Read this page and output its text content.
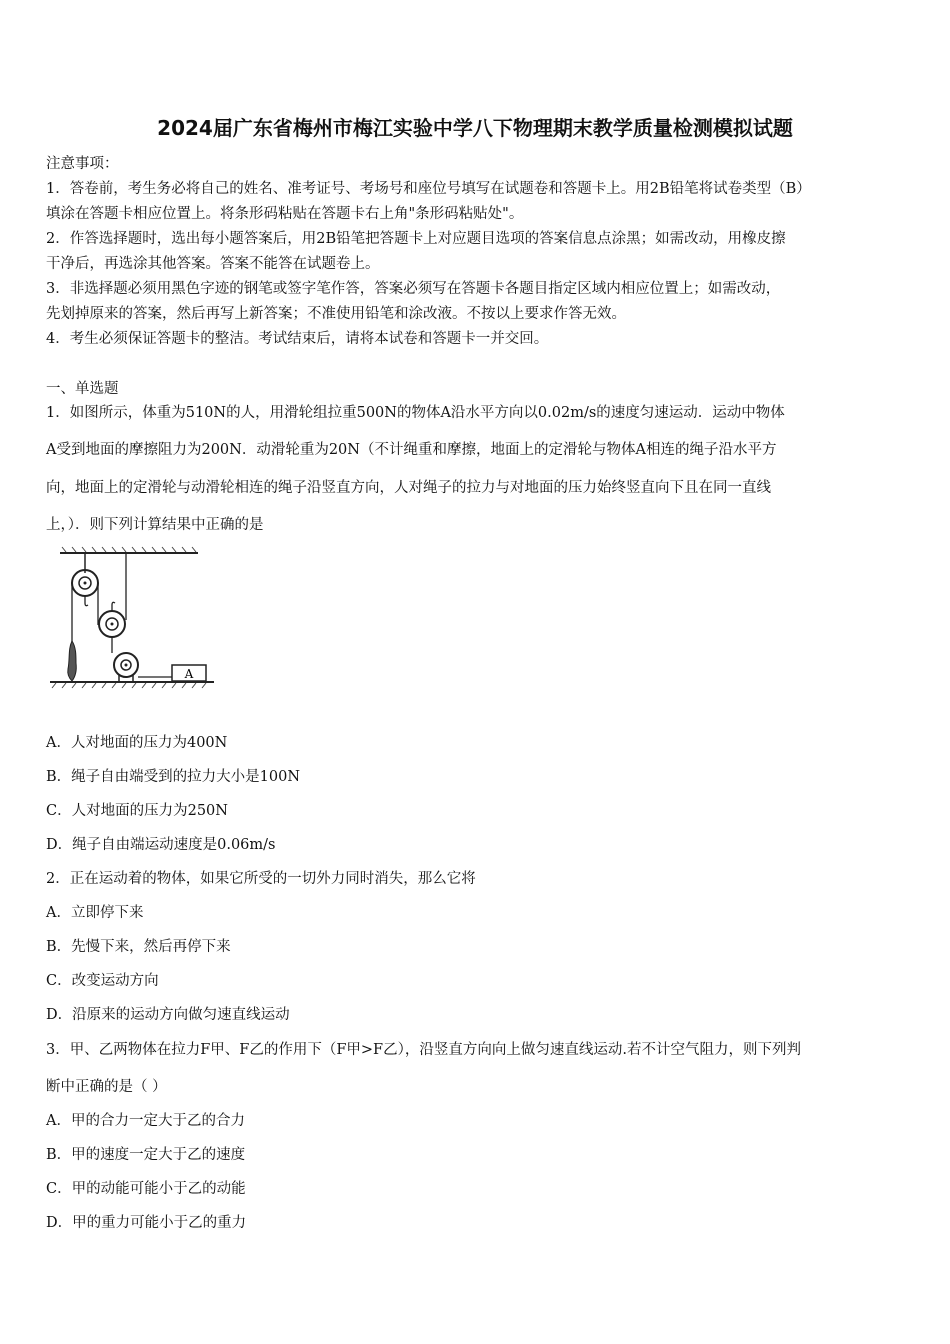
2024届广东省梅州市梅江实验中学八下物理期末教学质量检测模拟试题
注意事项：
1．答卷前，考生务必将自己的姓名、准考证号、考场号和座位号填写在试题卷和答题卡上。用2B铅笔将试卷类型（B）
填涂在答题卡相应位置上。将条形码粘贴在答题卡右上角"条形码粘贴处"。
2．作答选择题时，选出每小题答案后，用2B铅笔把答题卡上对应题目选项的答案信息点涂黑；如需改动，用橡皮擦
干净后，再选涂其他答案。答案不能答在试题卷上。
3．非选择题必须用黑色字迹的钢笔或签字笔作答，答案必须写在答题卡各题目指定区域内相应位置上；如需改动，
先划掉原来的答案，然后再写上新答案；不准使用铅笔和涂改液。不按以上要求作答无效。
4．考生必须保证答题卡的整洁。考试结束后，请将本试卷和答题卡一并交回。
一、单选题
1．如图所示，体重为510N的人，用滑轮组拉重500N的物体A沿水平方向以0.02m/s的速度匀速运动．运动中物体
A受到地面的摩擦阻力为200N．动滑轮重为20N（不计绳重和摩擦，地面上的定滑轮与物体A相连的绳子沿水平方
向，地面上的定滑轮与动滑轮相连的绳子沿竖直方向，人对绳子的拉力与对地面的压力始终竖直向下且在同一直线
上，）．则下列计算结果中正确的是
A
A．人对地面的压力为400N
B．绳子自由端受到的拉力大小是100N
C．人对地面的压力为250N
D．绳子自由端运动速度是0.06m/s
2．正在运动着的物体，如果它所受的一切外力同时消失，那么它将
A．立即停下来
B．先慢下来，然后再停下来
C．改变运动方向
D．沿原来的运动方向做匀速直线运动
3．甲、乙两物体在拉力F甲、F乙的作用下（F甲>F乙），沿竖直方向向上做匀速直线运动.若不计空气阻力，则下列判
断中正确的是（ ）
A．甲的合力一定大于乙的合力
B．甲的速度一定大于乙的速度
C．甲的动能可能小于乙的动能
D．甲的重力可能小于乙的重力
